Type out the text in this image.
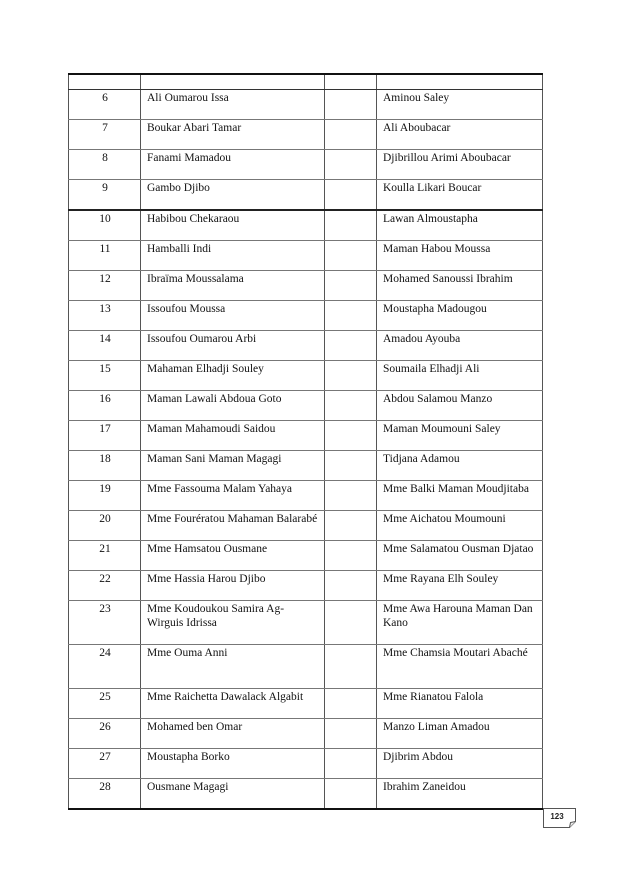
6	Ali Oumarou Issa		Aminou Saley
7	Boukar Abari Tamar		Ali Aboubacar
8	Fanami Mamadou		Djibrillou Arimi Aboubacar
9	Gambo Djibo		Koulla Likari Boucar
10	Habibou Chekaraou		Lawan Almoustapha
11	Hamballi Indi		Maman Habou Moussa
12	Ibraïma Moussalama		Mohamed Sanoussi Ibrahim
13	Issoufou Moussa		Moustapha Madougou
14	Issoufou Oumarou Arbi		Amadou Ayouba
15	Mahaman Elhadji Souley		Soumaila Elhadji Ali
16	Maman Lawali Abdoua Goto		Abdou Salamou Manzo
17	Maman Mahamoudi Saidou		Maman Moumouni Saley
18	Maman Sani Maman Magagi		Tidjana Adamou
19	Mme Fassouma Malam Yahaya		Mme Balki Maman Moudjitaba
20	Mme Fourératou Mahaman Balarabé		Mme Aichatou Moumouni
21	Mme Hamsatou Ousmane		Mme Salamatou Ousman Djatao
22	Mme Hassia Harou Djibo		Mme Rayana Elh Souley
23	Mme Koudoukou Samira Ag-Wirguis Idrissa		Mme Awa Harouna Maman Dan Kano
24	Mme Ouma Anni		Mme Chamsia Moutari Abaché
25	Mme Raichetta Dawalack Algabit		Mme Rianatou Falola
26	Mohamed ben Omar		Manzo Liman Amadou
27	Moustapha Borko		Djibrim Abdou
28	Ousmane Magagi		Ibrahim Zaneidou
123
